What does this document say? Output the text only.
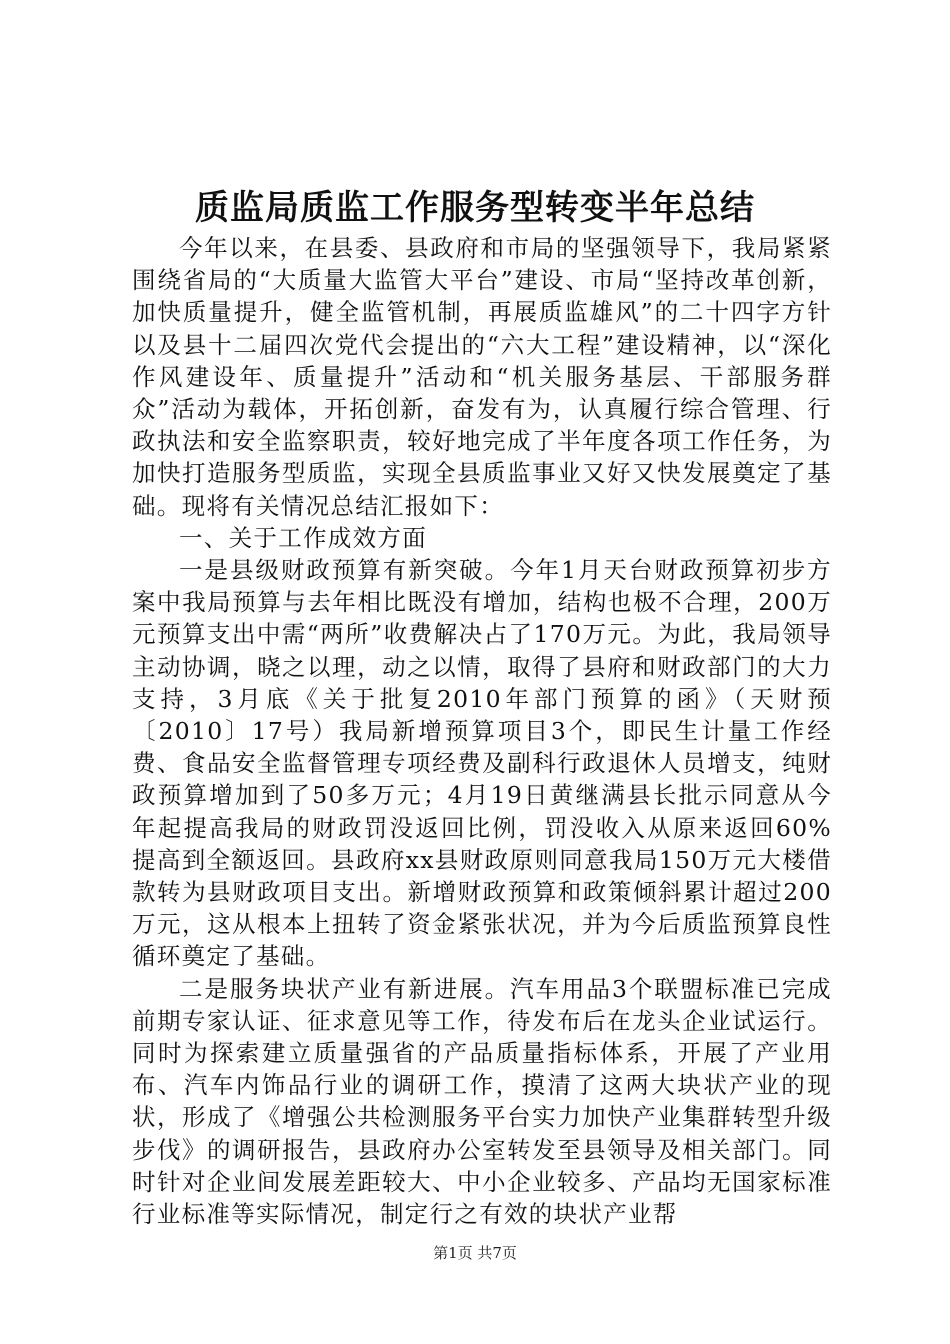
质监局质监工作服务型转变半年总结

今年以来，在县委、县政府和市局的坚强领导下，我局紧紧围绕省局的“大质量大监管大平台”建设、市局“坚持改革创新，加快质量提升，健全监管机制，再展质监雄风”的二十四字方针以及县十二届四次党代会提出的“六大工程”建设精神，以“深化作风建设年、质量提升”活动和“机关服务基层、干部服务群众”活动为载体，开拓创新，奋发有为，认真履行综合管理、行政执法和安全监察职责，较好地完成了半年度各项工作任务，为加快打造服务型质监，实现全县质监事业又好又快发展奠定了基础。现将有关情况总结汇报如下：

一、关于工作成效方面

一是县级财政预算有新突破。今年1月天台财政预算初步方案中我局预算与去年相比既没有增加，结构也极不合理，200万元预算支出中需“两所”收费解决占了170万元。为此，我局领导主动协调，晓之以理，动之以情，取得了县府和财政部门的大力支持，3月底《关于批复2010年部门预算的函》（天财预〔2010〕17号）我局新增预算项目3个，即民生计量工作经费、食品安全监督管理专项经费及副科行政退休人员增支，纯财政预算增加到了50多万元；4月19日黄继满县长批示同意从今年起提高我局的财政罚没返回比例，罚没收入从原来返回60%提高到全额返回。县政府xx县财政原则同意我局150万元大楼借款转为县财政项目支出。新增财政预算和政策倾斜累计超过200万元，这从根本上扭转了资金紧张状况，并为今后质监预算良性循环奠定了基础。

二是服务块状产业有新进展。汽车用品3个联盟标准已完成前期专家认证、征求意见等工作，待发布后在龙头企业试运行。同时为探索建立质量强省的产品质量指标体系，开展了产业用布、汽车内饰品行业的调研工作，摸清了这两大块状产业的现状，形成了《增强公共检测服务平台实力加快产业集群转型升级步伐》的调研报告，县政府办公室转发至县领导及相关部门。同时针对企业间发展差距较大、中小企业较多、产品均无国家标准行业标准等实际情况，制定行之有效的块状产业帮

第1页 共7页
